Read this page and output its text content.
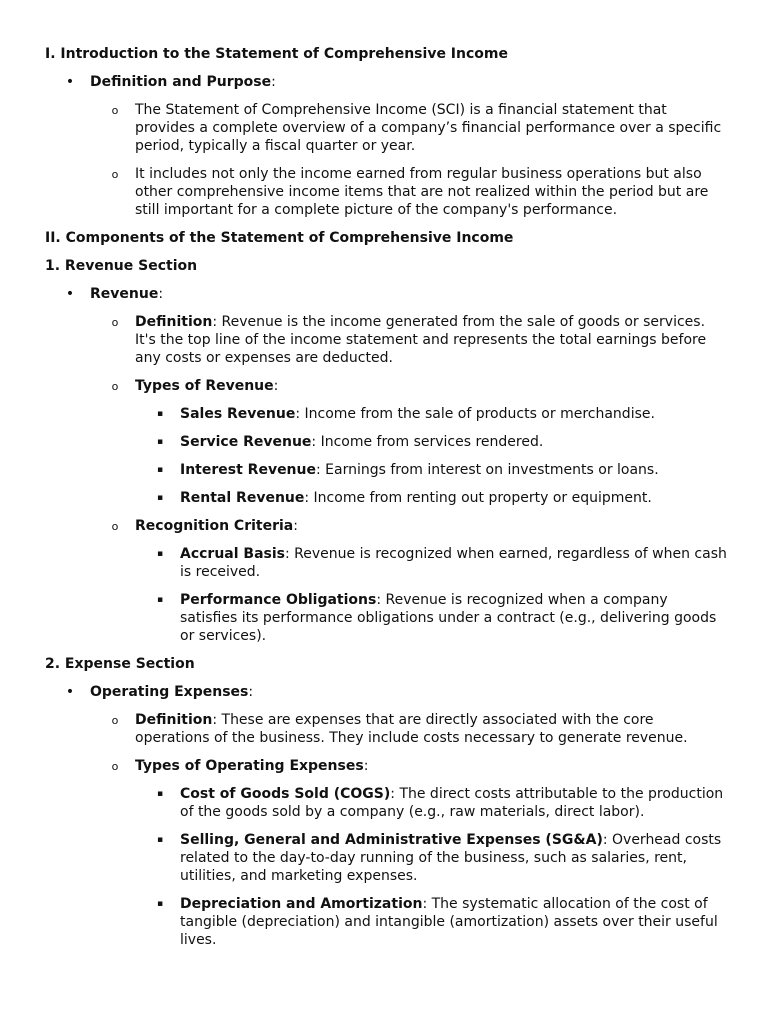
I. Introduction to the Statement of Comprehensive Income
• Definition and Purpose:
o The Statement of Comprehensive Income (SCI) is a financial statement that provides a complete overview of a company’s financial performance over a specific period, typically a fiscal quarter or year.
o It includes not only the income earned from regular business operations but also other comprehensive income items that are not realized within the period but are still important for a complete picture of the company's performance.
II. Components of the Statement of Comprehensive Income
1. Revenue Section
• Revenue:
o Definition: Revenue is the income generated from the sale of goods or services. It's the top line of the income statement and represents the total earnings before any costs or expenses are deducted.
o Types of Revenue:
▪ Sales Revenue: Income from the sale of products or merchandise.
▪ Service Revenue: Income from services rendered.
▪ Interest Revenue: Earnings from interest on investments or loans.
▪ Rental Revenue: Income from renting out property or equipment.
o Recognition Criteria:
▪ Accrual Basis: Revenue is recognized when earned, regardless of when cash is received.
▪ Performance Obligations: Revenue is recognized when a company satisfies its performance obligations under a contract (e.g., delivering goods or services).
2. Expense Section
• Operating Expenses:
o Definition: These are expenses that are directly associated with the core operations of the business. They include costs necessary to generate revenue.
o Types of Operating Expenses:
▪ Cost of Goods Sold (COGS): The direct costs attributable to the production of the goods sold by a company (e.g., raw materials, direct labor).
▪ Selling, General and Administrative Expenses (SG&A): Overhead costs related to the day-to-day running of the business, such as salaries, rent, utilities, and marketing expenses.
▪ Depreciation and Amortization: The systematic allocation of the cost of tangible (depreciation) and intangible (amortization) assets over their useful lives.
